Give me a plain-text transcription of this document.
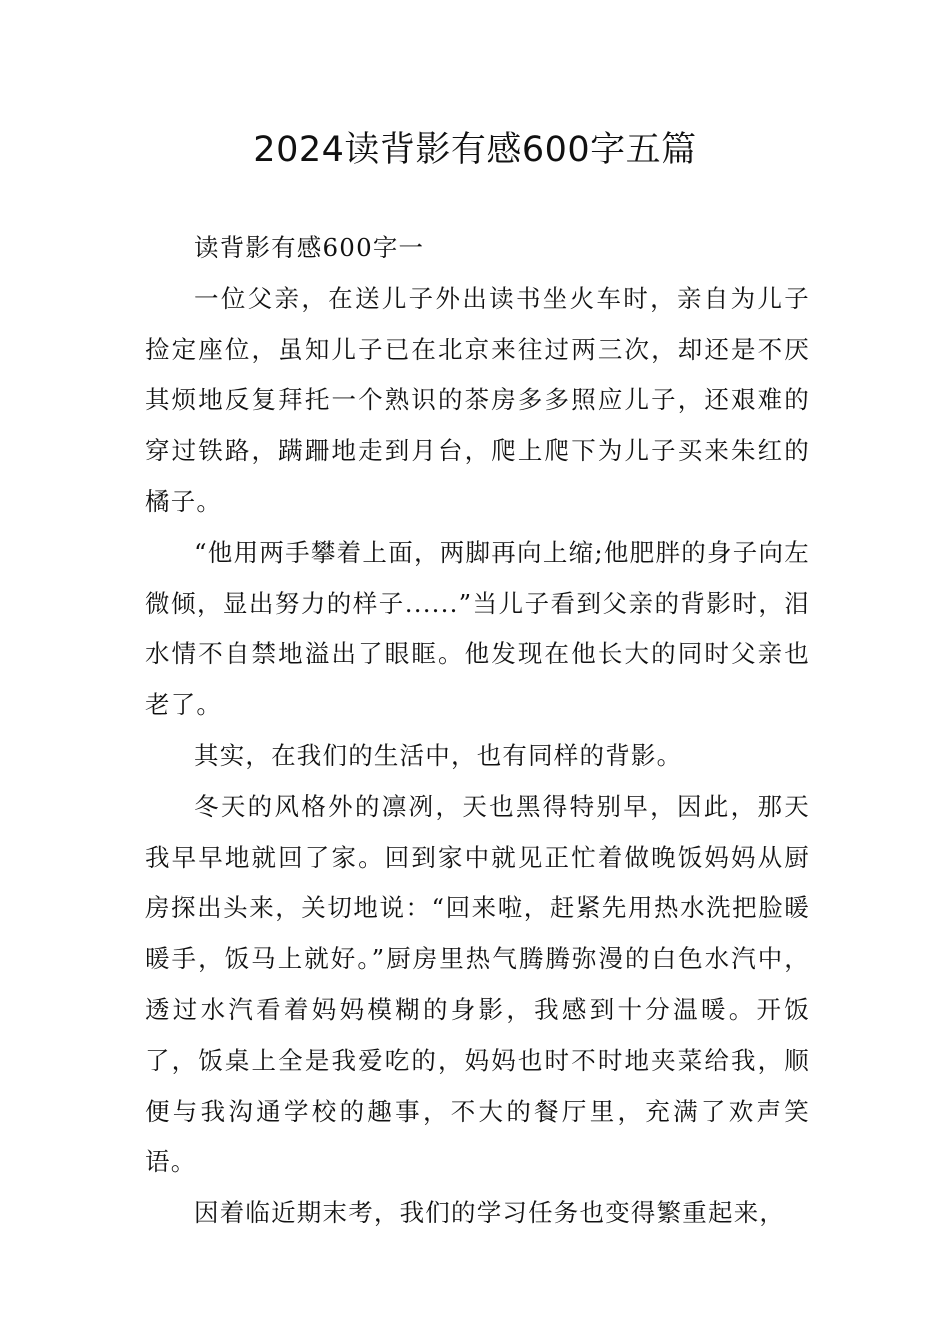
2024读背影有感600字五篇

读背影有感600字一

一位父亲，在送儿子外出读书坐火车时，亲自为儿子捡定座位，虽知儿子已在北京来往过两三次，却还是不厌其烦地反复拜托一个熟识的茶房多多照应儿子，还艰难的穿过铁路，蹒跚地走到月台，爬上爬下为儿子买来朱红的橘子。

“他用两手攀着上面，两脚再向上缩;他肥胖的身子向左微倾，显出努力的样子......”当儿子看到父亲的背影时，泪水情不自禁地溢出了眼眶。他发现在他长大的同时父亲也老了。

其实，在我们的生活中，也有同样的背影。

冬天的风格外的凛冽，天也黑得特别早，因此，那天我早早地就回了家。回到家中就见正忙着做晚饭妈妈从厨房探出头来，关切地说：“回来啦，赶紧先用热水洗把脸暖暖手，饭马上就好。”厨房里热气腾腾弥漫的白色水汽中，透过水汽看着妈妈模糊的身影，我感到十分温暖。开饭了，饭桌上全是我爱吃的，妈妈也时不时地夹菜给我，顺便与我沟通学校的趣事，不大的餐厅里，充满了欢声笑语。

因着临近期末考，我们的学习任务也变得繁重起来，
